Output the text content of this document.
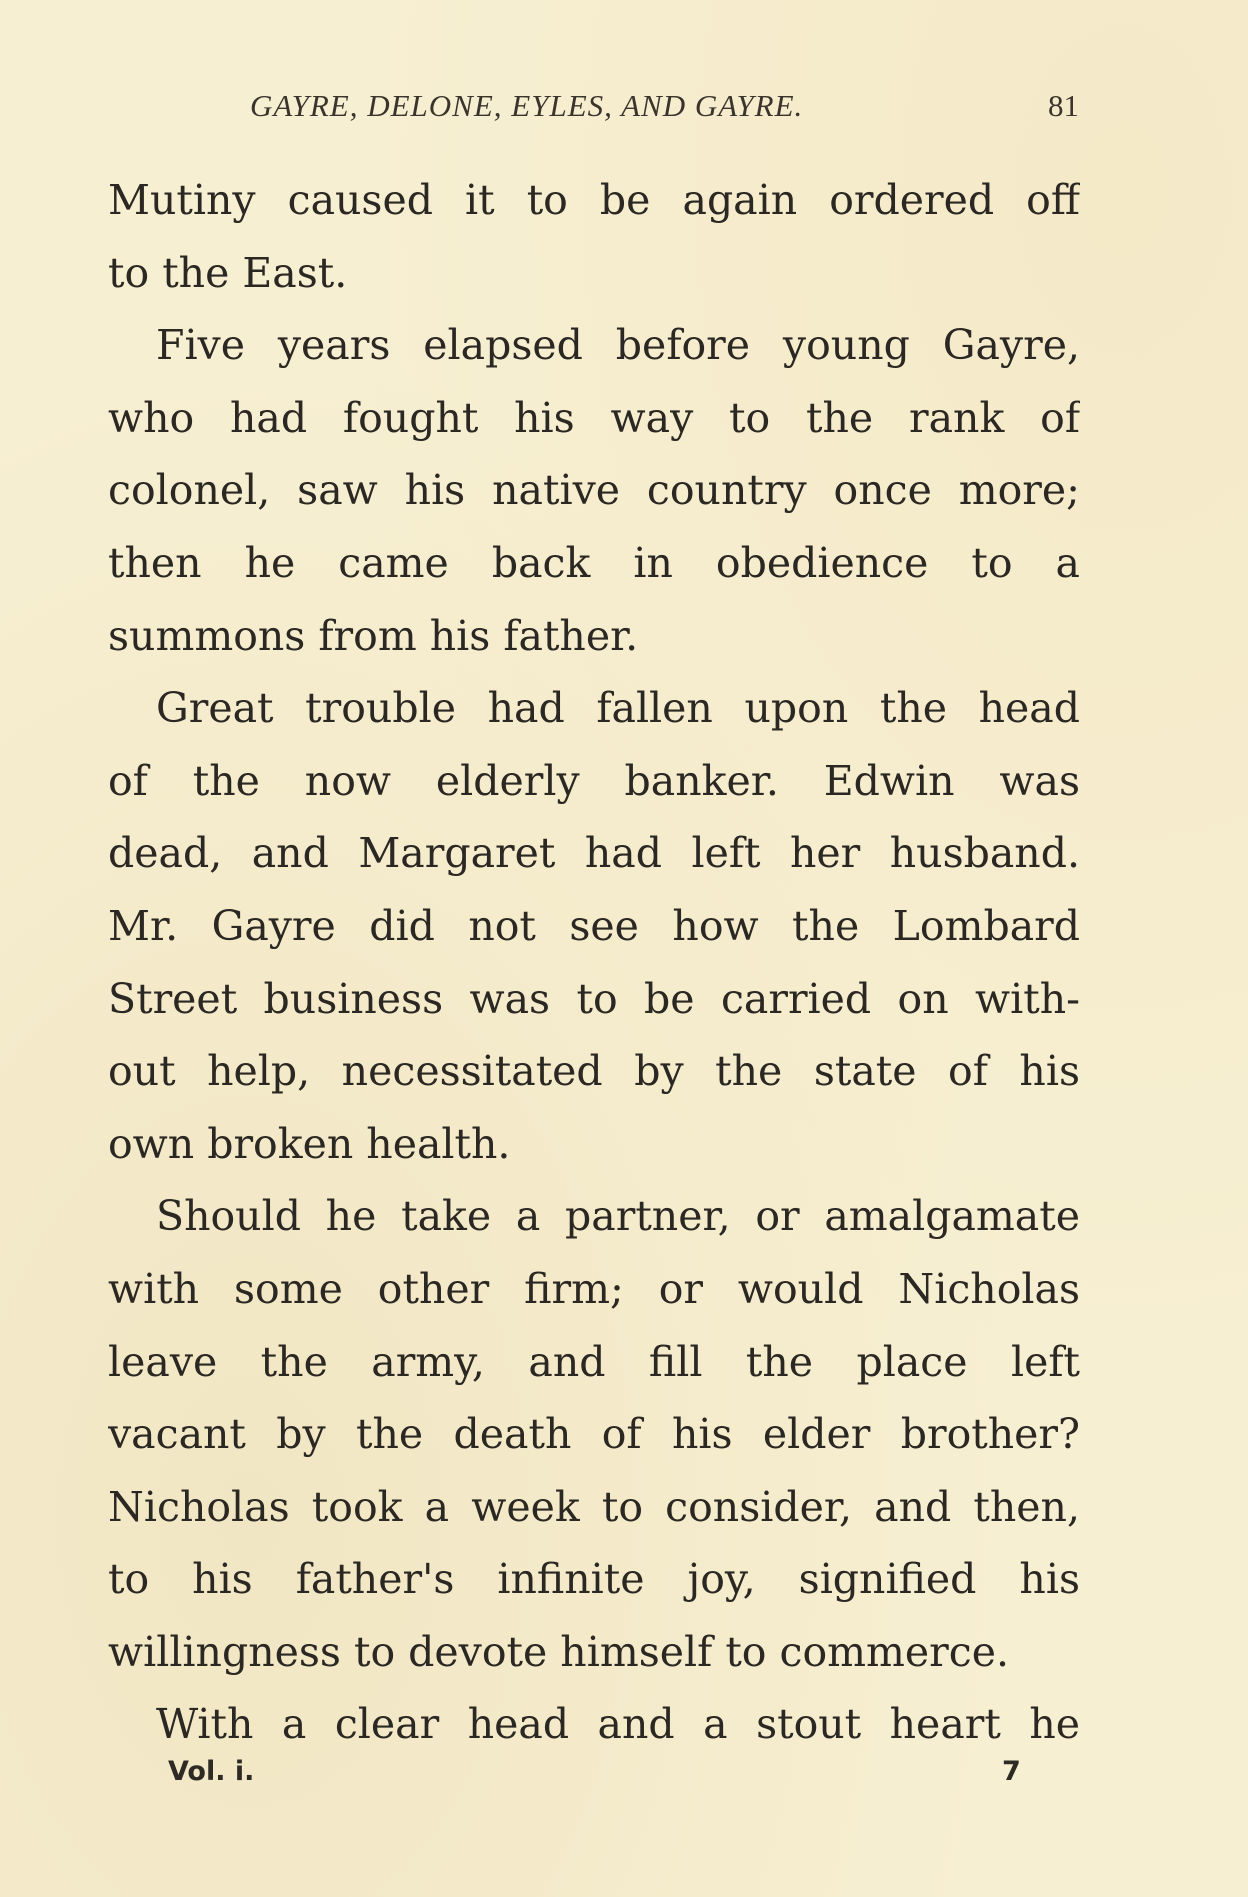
GAYRE, DELONE, EYLES, AND GAYRE.	81
Mutiny caused it to be again ordered off
to the East.
Five years elapsed before young Gayre,
who had fought his way to the rank of
colonel, saw his native country once more;
then he came back in obedience to a
summons from his father.
Great trouble had fallen upon the head
of the now elderly banker. Edwin was
dead, and Margaret had left her husband.
Mr. Gayre did not see how the Lombard
Street business was to be carried on with-
out help, necessitated by the state of his
own broken health.
Should he take a partner, or amalgamate
with some other firm; or would Nicholas
leave the army, and fill the place left
vacant by the death of his elder brother?
Nicholas took a week to consider, and then,
to his father's infinite joy, signified his
willingness to devote himself to commerce.
With a clear head and a stout heart he
Vol. i.	7
